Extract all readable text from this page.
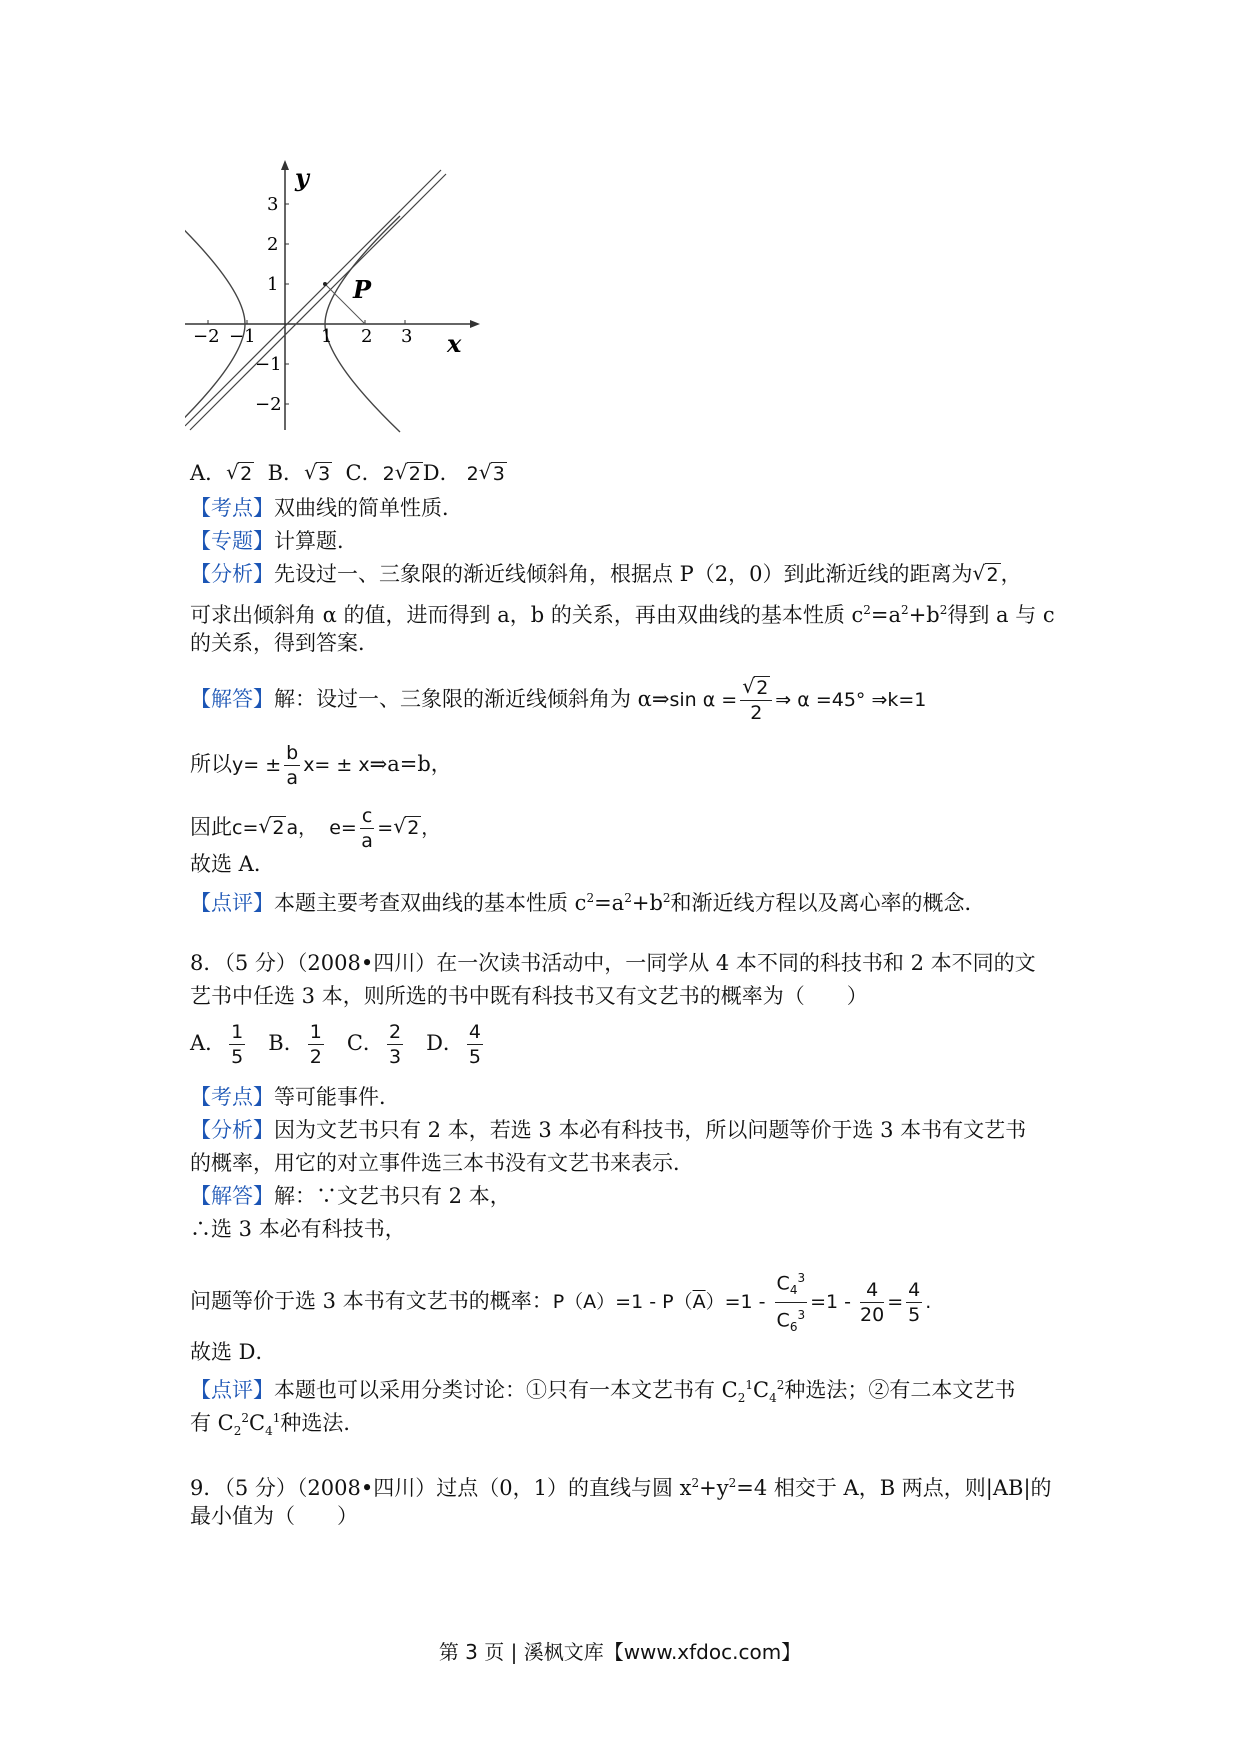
3
2
1
−1
−2
−2 −1	1 2 3
y
x
P
A． √ 2 B． √ 3 C．2 √ 2D． 2 √ 3
【考点】双曲线的简单性质．
【专题】计算题．
【分析】先设过一、三象限的渐近线倾斜角，根据点 P（2，0）到此渐近线的距离为 √ 2，
可求出倾斜角 α 的值，进而得到 a，b 的关系，再由双曲线的基本性质 $c^2=a^2+b^2$得到 a 与 c
的关系，得到答案．
【解答】解：设过一、三象限的渐近线倾斜角为 α⇒sin α = √ $\frac{2}{2}$ ⇒ α =45° ⇒k=1
所以$y= \pm \frac{b}{a} x=$ ± x⇒a=b，
因此c= √ 2 a， $e= \frac{c}{a}$ = √ 2 ，
故选 A．
【点评】本题主要考查双曲线的基本性质 $c^2=a^2+b^2$和渐近线方程以及离心率的概念．
8．（5 分）（2008•四川）在一次读书活动中，一同学从 4 本不同的科技书和 2 本不同的文
艺书中任选 3 本，则所选的书中既有科技书又有文艺书的概率为（　　）
A． $\frac{1}{5}$ B． $\frac{1}{2}$ C． $\frac{2}{3}$ D． $\frac{4}{5}$
【考点】等可能事件．
【分析】因为文艺书只有 2 本，若选 3 本必有科技书，所以问题等价于选 3 本书有文艺书
的概率，用它的对立事件选三本书没有文艺书来表示．
【解答】解：∵文艺书只有 2 本，
∴选 3 本必有科技书，
问题等价于选 3 本书有文艺书的概率：$P(A)=1 - P(\overline{A})=1 - \frac{C_4^3}{C_6^3} =1 - \frac{4}{20} = \frac{4}{5}$ .
故选 D．
【点评】本题也可以采用分类讨论：①只有一本文艺书有 $C_2^1C_4^2$种选法；②有二本文艺书
有 $C_2^2C_4^1$种选法．
9．（5 分）（2008•四川）过点（0，1）的直线与圆 $x^2+y^2=4$ 相交于 A，B 两点，则|AB|的
最小值为（　　）
第 3 页 | 溪枫文库【www.xfdoc.com】
